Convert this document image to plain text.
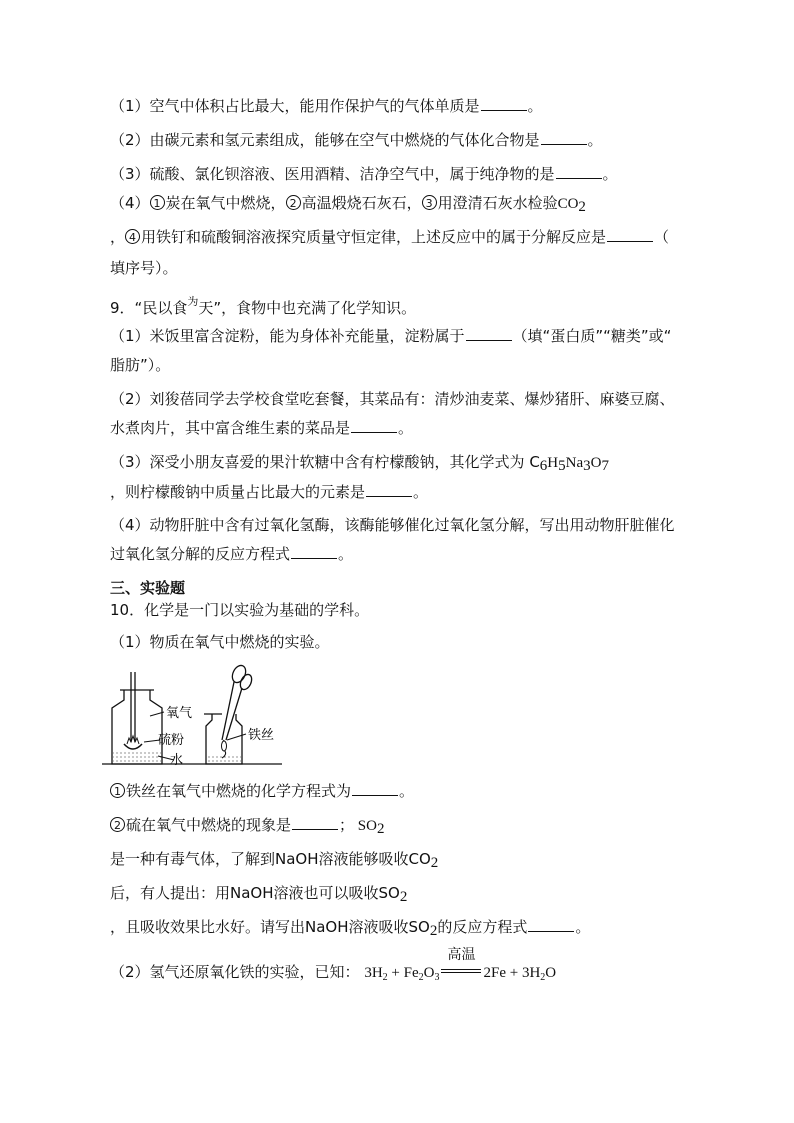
（1）空气中体积占比最大，能用作保护气的气体单质是	。
（2）由碳元素和氢元素组成，能够在空气中燃烧的气体化合物是	。
（3）硫酸、氯化钡溶液、医用酒精、洁净空气中，属于纯净物的是	。
（4） 1 炭在氧气中燃烧， 2 高温煅烧石灰石， 3 用澄清石灰水检验$CO_2$
， 4 用铁钉和硫酸铜溶液探究质量守恒定律，上述反应中的属于分解反应是	（
填序号）。
9．“民以食$^为$天”，食物中也充满了化学知识。
（1）米饭里富含淀粉，能为身体补充能量，淀粉属于	（填“蛋白质”“糖类”或“
脂肪”）。
（2）刘狻蓓同学去学校食堂吃套餐，其菜品有：清炒油麦菜、爆炒猪肝、麻婆豆腐、
水煮肉片，其中富含维生素的菜品是	。
（3）深受小朋友喜爱的果汁软糖中含有柠檬酸钠，其化学式为 $C_6H_5Na_3O_7$
，则柠檬酸钠中质量占比最大的元素是	。
（4）动物肝脏中含有过氧化氢酶，该酶能够催化过氧化氢分解，写出用动物肝脏催化
过氧化氢分解的反应方程式	。
三、实验题
10．化学是一门以实验为基础的学科。
（1）物质在氧气中燃烧的实验。
氧气
硫粉
水
铁丝
1 铁丝在氧气中燃烧的化学方程式为	。
2 硫在氧气中燃烧的现象是	； $SO_2$
是一种有毒气体，了解到NaOH溶液能够吸收$CO_2$
后，有人提出：用NaOH溶液也可以吸收$SO_2$
，且吸收效果比水好。请写出NaOH溶液吸收$SO_2$的反应方程式	。
（2）氢气还原氧化铁的实验，已知： $3H_2 + Fe_2O_3$
高温
$2Fe + 3H_2O$
